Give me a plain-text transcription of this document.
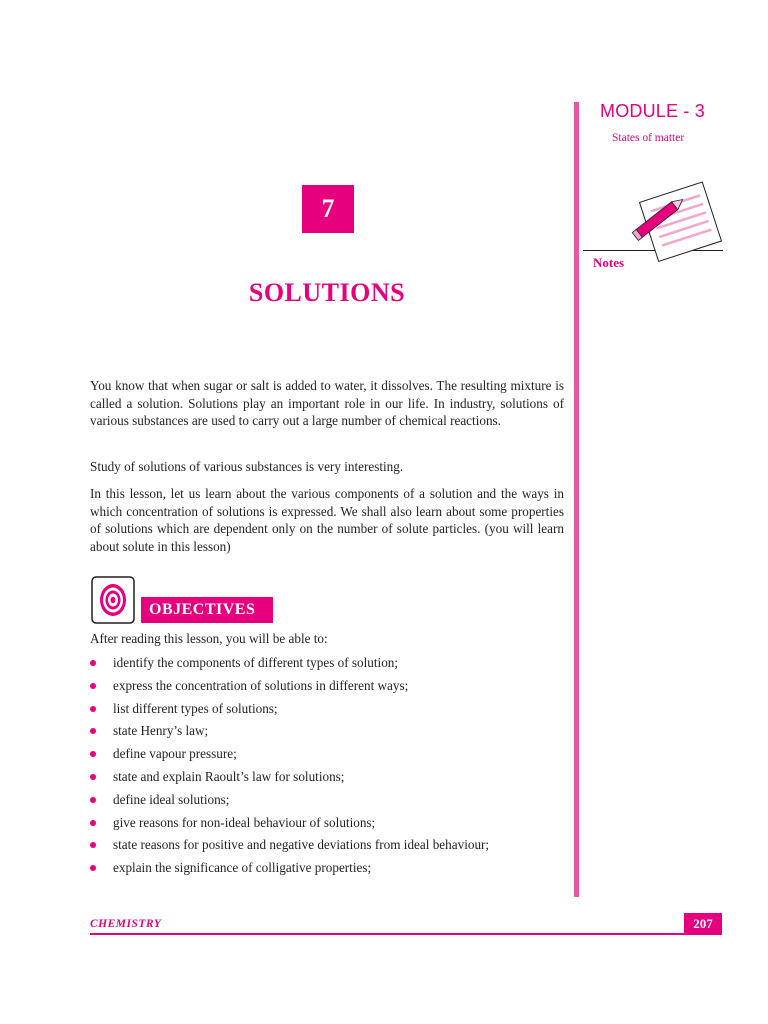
MODULE - 3
States of matter
Notes
7
SOLUTIONS

You know that when sugar or salt is added to water, it dissolves. The resulting mixture is called a solution. Solutions play an important role in our life. In industry, solutions of various substances are used to carry out a large number of chemical reactions.

Study of solutions of various substances is very interesting.

In this lesson, let us learn about the various components of a solution and the ways in which concentration of solutions is expressed. We shall also learn about some properties of solutions which are dependent only on the number of solute particles. (you will learn about solute in this lesson)

OBJECTIVES
After reading this lesson, you will be able to:
identify the components of different types of solution;
express the concentration of solutions in different ways;
list different types of solutions;
state Henry’s law;
define vapour pressure;
state and explain Raoult’s law for solutions;
define ideal solutions;
give reasons for non-ideal behaviour of solutions;
state reasons for positive and negative deviations from ideal behaviour;
explain the significance of colligative properties;
CHEMISTRY	207
